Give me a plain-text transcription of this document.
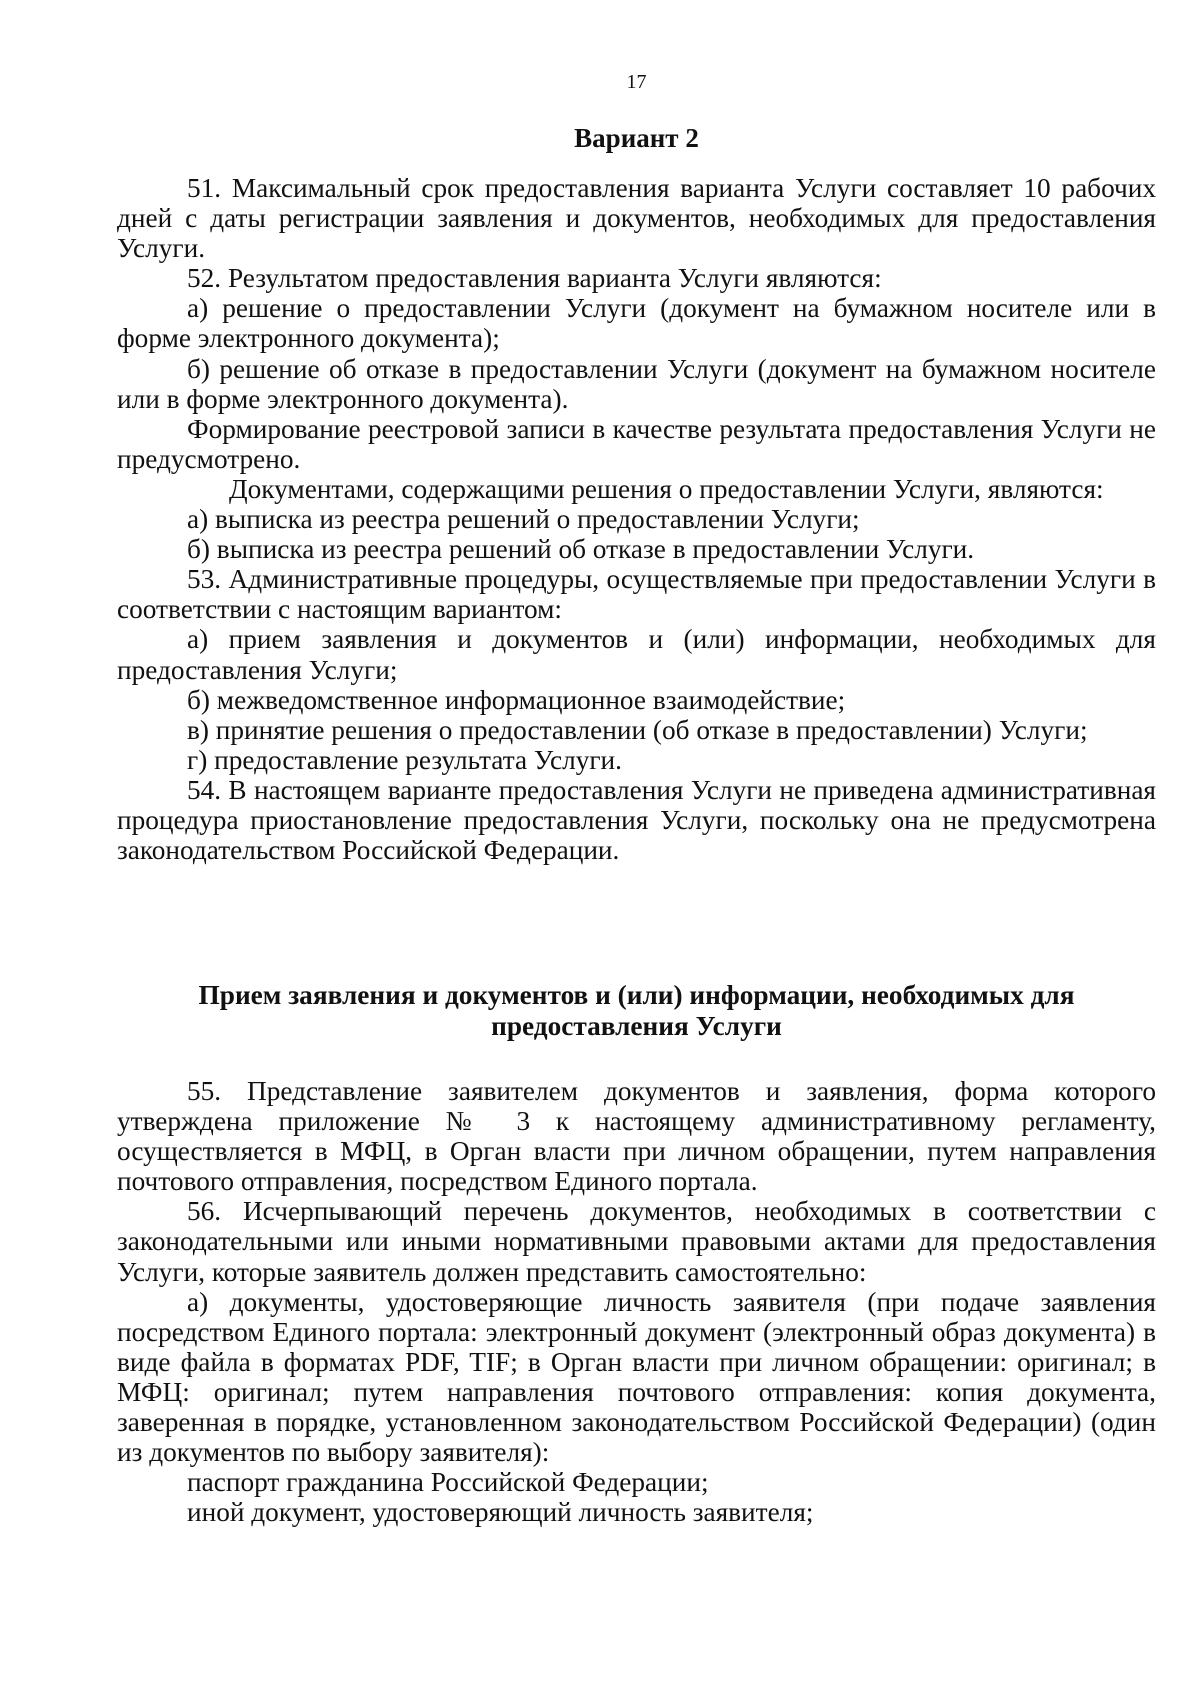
17
Вариант 2

51. Максимальный срок предоставления варианта Услуги составляет 10 рабочих дней с даты регистрации заявления и документов, необходимых для предоставления Услуги.

52. Результатом предоставления варианта Услуги являются:

а) решение о предоставлении Услуги (документ на бумажном носителе или в форме электронного документа);

б) решение об отказе в предоставлении Услуги (документ на бумажном носителе или в форме электронного документа).

Формирование реестровой записи в качестве результата предоставления Услуги не предусмотрено.

Документами, содержащими решения о предоставлении Услуги, являются:

а) выписка из реестра решений о предоставлении Услуги;

б) выписка из реестра решений об отказе в предоставлении Услуги.

53. Административные процедуры, осуществляемые при предоставлении Услуги в соответствии с настоящим вариантом:

а) прием заявления и документов и (или) информации, необходимых для предоставления Услуги;

б) межведомственное информационное взаимодействие;

в) принятие решения о предоставлении (об отказе в предоставлении) Услуги;

г) предоставление результата Услуги.

54. В настоящем варианте предоставления Услуги не приведена административная процедура приостановление предоставления Услуги, поскольку она не предусмотрена законодательством Российской Федерации.

Прием заявления и документов и (или) информации, необходимых для
предоставления Услуги

55. Представление заявителем документов и заявления, форма которого утверждена приложение № 3 к настоящему административному регламенту, осуществляется в МФЦ, в Орган власти при личном обращении, путем направления почтового отправления, посредством Единого портала.

56. Исчерпывающий перечень документов, необходимых в соответствии с законодательными или иными нормативными правовыми актами для предоставления Услуги, которые заявитель должен представить самостоятельно:

а) документы, удостоверяющие личность заявителя (при подаче заявления посредством Единого портала: электронный документ (электронный образ документа) в виде файла в форматах PDF, TIF; в Орган власти при личном обращении: оригинал; в МФЦ: оригинал; путем направления почтового отправления: копия документа, заверенная в порядке, установленном законодательством Российской Федерации) (один из документов по выбору заявителя):

паспорт гражданина Российской Федерации;

иной документ, удостоверяющий личность заявителя;
